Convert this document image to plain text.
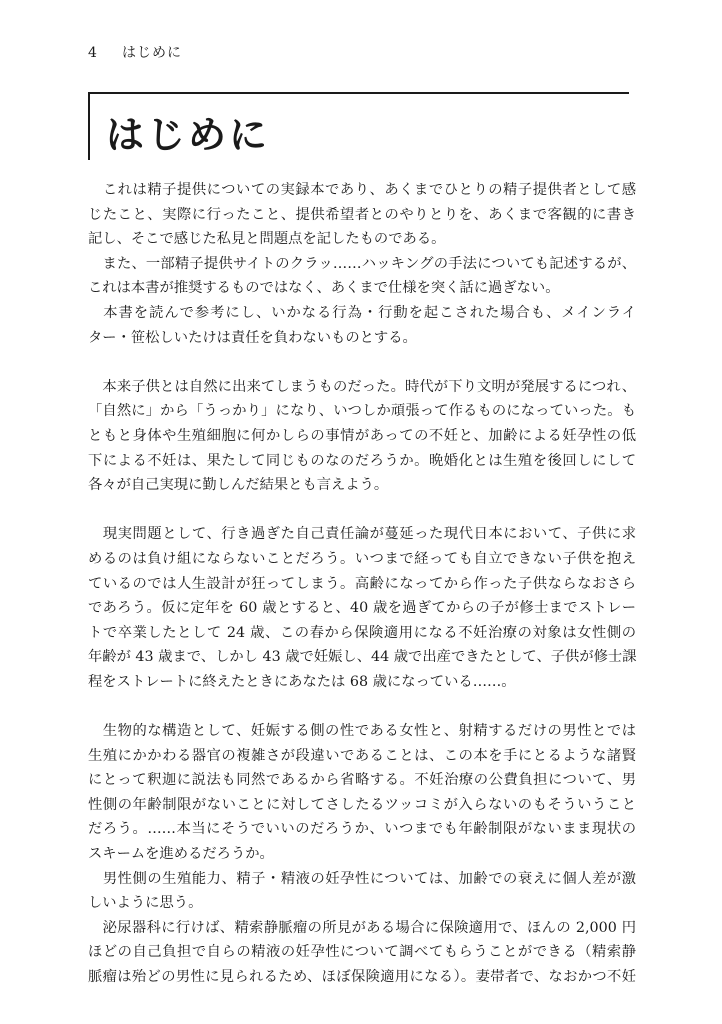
4 はじめに
はじめに
　これは精子提供についての実録本であり、あくまでひとりの精子提供者として感
じたこと、実際に行ったこと、提供希望者とのやりとりを、あくまで客観的に書き
記し、そこで感じた私見と問題点を記したものである。
　また、一部精子提供サイトのクラッ……ハッキングの手法についても記述するが、
これは本書が推奨するものではなく、あくまで仕様を突く話に過ぎない。
　本書を読んで参考にし、いかなる行為・行動を起こされた場合も、メインライ
ター・笹松しいたけは責任を負わないものとする。
　本来子供とは自然に出来てしまうものだった。時代が下り文明が発展するにつれ、
「自然に」から「うっかり」になり、いつしか頑張って作るものになっていった。も
ともと身体や生殖細胞に何かしらの事情があっての不妊と、加齢による妊孕性の低
下による不妊は、果たして同じものなのだろうか。晩婚化とは生殖を後回しにして
各々が自己実現に勤しんだ結果とも言えよう。
　現実問題として、行き過ぎた自己責任論が蔓延った現代日本において、子供に求
めるのは負け組にならないことだろう。いつまで経っても自立できない子供を抱え
ているのでは人生設計が狂ってしまう。高齢になってから作った子供ならなおさら
であろう。仮に定年を 60 歳とすると、40 歳を過ぎてからの子が修士までストレー
トで卒業したとして 24 歳、この春から保険適用になる不妊治療の対象は女性側の
年齢が 43 歳まで、しかし 43 歳で妊娠し、44 歳で出産できたとして、子供が修士課
程をストレートに終えたときにあなたは 68 歳になっている……。
　生物的な構造として、妊娠する側の性である女性と、射精するだけの男性とでは
生殖にかかわる器官の複雑さが段違いであることは、この本を手にとるような諸賢
にとって釈迦に説法も同然であるから省略する。不妊治療の公費負担について、男
性側の年齢制限がないことに対してさしたるツッコミが入らないのもそういうこと
だろう。……本当にそうでいいのだろうか、いつまでも年齢制限がないまま現状の
スキームを進めるだろうか。
　男性側の生殖能力、精子・精液の妊孕性については、加齢での衰えに個人差が激
しいように思う。
　泌尿器科に行けば、精索静脈瘤の所見がある場合に保険適用で、ほんの 2,000 円
ほどの自己負担で自らの精液の妊孕性について調べてもらうことができる（精索静
脈瘤は殆どの男性に見られるため、ほぼ保険適用になる）。妻帯者で、なおかつ不妊
